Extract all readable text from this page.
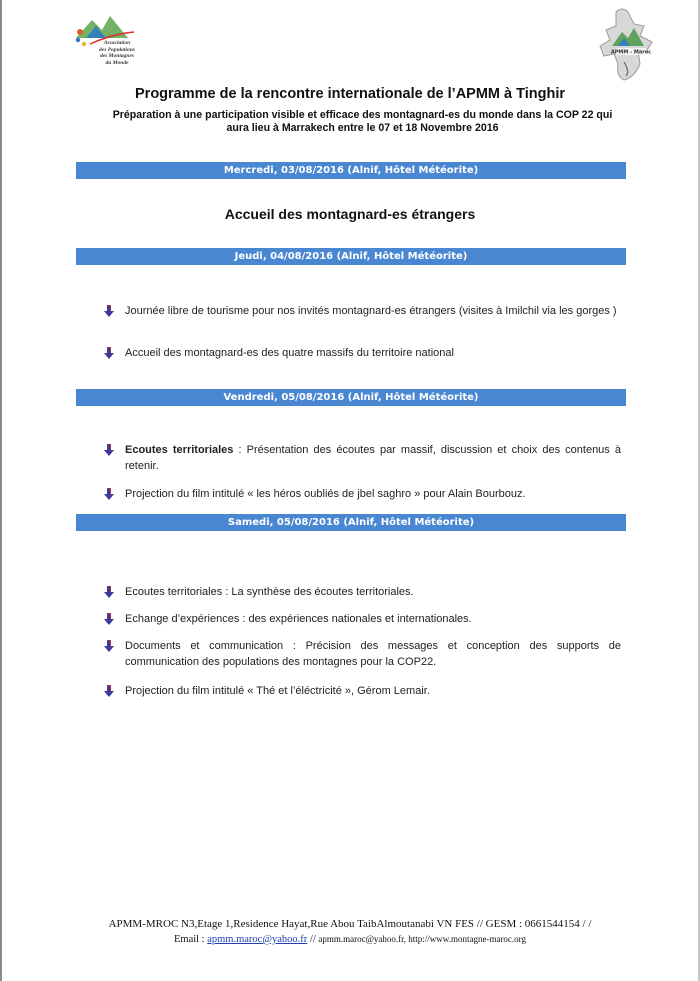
Association
des Populations
des Montagnes
du Monde
APMM - Maroc
Programme de la rencontre internationale de l’APMM à Tinghir
Préparation à une participation visible et efficace des montagnard-es du monde dans la COP 22 qui aura lieu à Marrakech entre le 07 et 18 Novembre 2016
Mercredi, 03/08/2016 (Alnif, Hôtel Météorite)
Accueil des montagnard-es étrangers
Jeudi, 04/08/2016 (Alnif, Hôtel Météorite)
Journée libre de tourisme pour nos invités montagnard-es étrangers (visites à Imilchil via les gorges )
Accueil des montagnard-es des quatre massifs du territoire national
Vendredi, 05/08/2016 (Alnif, Hôtel Météorite)
Ecoutes territoriales : Présentation des écoutes par massif, discussion et choix des contenus à retenir.
Projection du film intitulé « les héros oubliés de jbel saghro » pour Alain Bourbouz.
Samedi, 05/08/2016 (Alnif, Hôtel Météorite)
Ecoutes territoriales : La synthèse des écoutes territoriales.
Echange d’expériences : des expériences nationales et internationales.
Documents et communication : Précision des messages et conception des supports de communication des populations des montagnes pour la COP22.
Projection du film intitulé « Thé et l’éléctricité », Gérom Lemair.
APMM-MROC N3,Etage 1,Residence Hayat,Rue Abou TaibAlmoutanabi VN FES // GESM : 0661544154 / /
Email : apmm.maroc@yahoo.fr // apmm.maroc@yahoo.fr, http://www.montagne-maroc.org
